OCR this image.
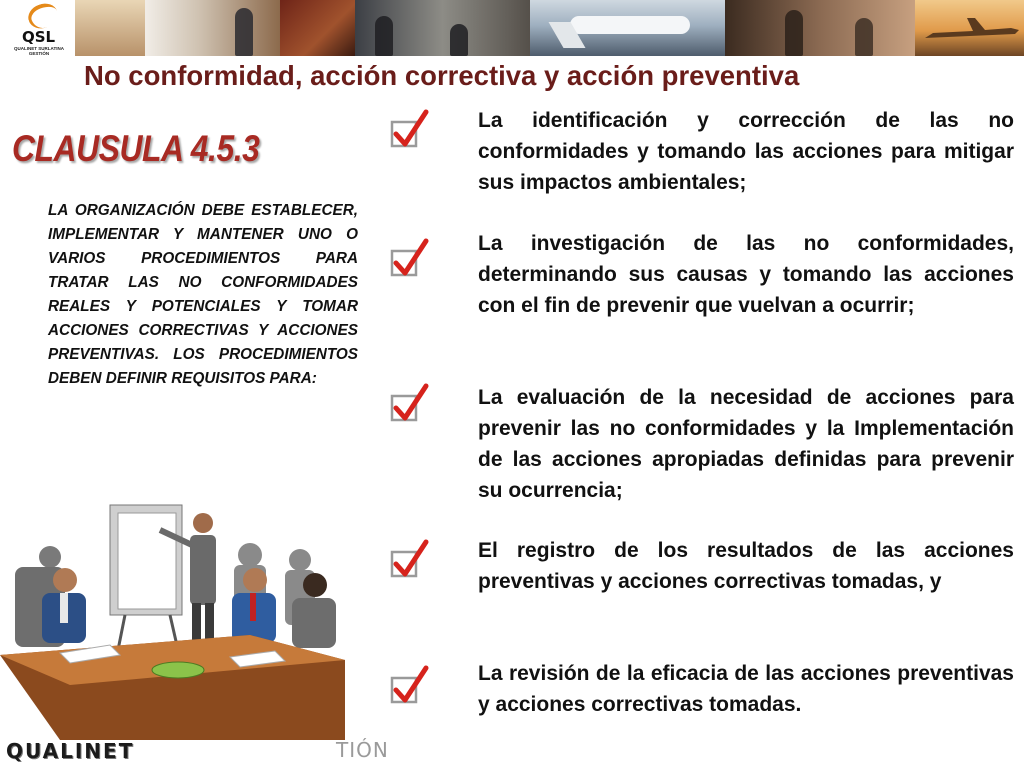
QSL
QUALINET SURLATINA GESTIÓN
No conformidad, acción correctiva y acción preventiva
CLAUSULA 4.5.3
LA ORGANIZACIÓN DEBE ESTABLECER, IMPLEMENTAR Y MANTENER UNO O VARIOS PROCEDIMIENTOS PARA TRATAR LAS NO CONFORMIDADES REALES Y POTENCIALES Y TOMAR ACCIONES CORRECTIVAS Y ACCIONES PREVENTIVAS. LOS PROCEDIMIENTOS DEBEN DEFINIR REQUISITOS PARA:
QUALINET	TIÓN
La identificación y corrección de las no conformidades y tomando las acciones para mitigar sus impactos ambientales;
La investigación de las no conformidades, determinando sus causas y tomando las acciones con el fin de prevenir que vuelvan a ocurrir;
La evaluación de la necesidad de acciones para prevenir las no conformidades y la Implementación de las acciones apropiadas definidas para prevenir su ocurrencia;
El registro de los resultados de las acciones preventivas y acciones correctivas tomadas, y
La revisión de la eficacia de las acciones preventivas y acciones correctivas tomadas.
